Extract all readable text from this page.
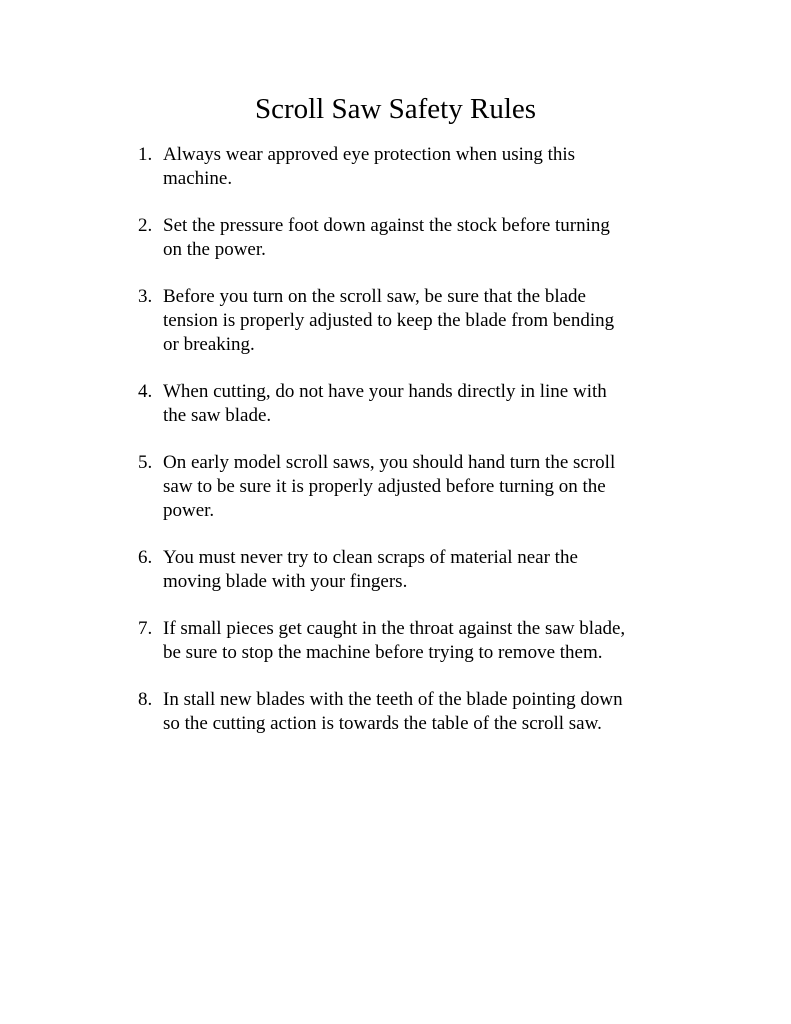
Scroll Saw Safety Rules
1. Always wear approved eye protection when using this
machine.
2. Set the pressure foot down against the stock before turning
on the power.
3. Before you turn on the scroll saw, be sure that the blade
tension is properly adjusted to keep the blade from bending
or breaking.
4. When cutting, do not have your hands directly in line with
the saw blade.
5. On early model scroll saws, you should hand turn the scroll
saw to be sure it is properly adjusted before turning on the
power.
6. You must never try to clean scraps of material near the
moving blade with your fingers.
7. If small pieces get caught in the throat against the saw blade,
be sure to stop the machine before trying to remove them.
8. In stall new blades with the teeth of the blade pointing down
so the cutting action is towards the table of the scroll saw.
